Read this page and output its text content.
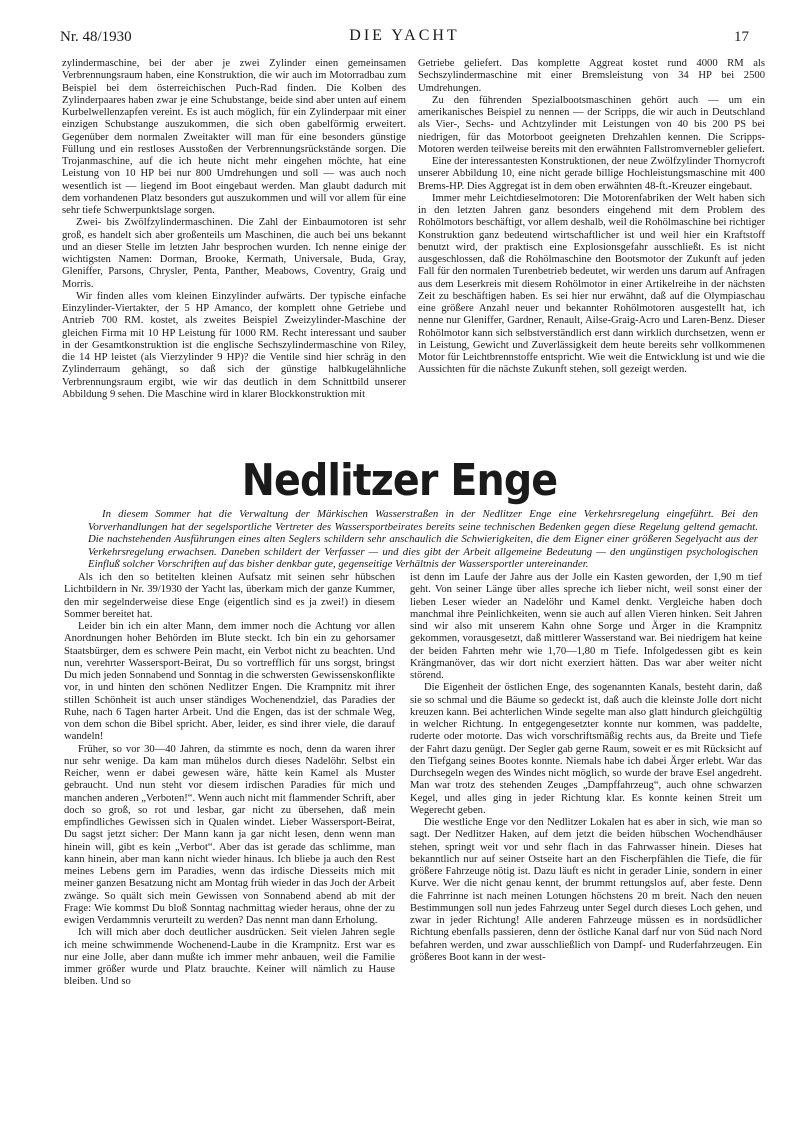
Nr. 48/1930	DIE YACHT	17

zylindermaschine, bei der aber je zwei Zylinder einen gemeinsamen Verbrennungsraum haben, eine Konstruktion, die wir auch im Motorradbau zum Beispiel bei dem österreichischen Puch-Rad finden. Die Kolben des Zylinderpaares haben zwar je eine Schubstange, beide sind aber unten auf einem Kurbelwellenzapfen vereint. Es ist auch möglich, für ein Zylinderpaar mit einer einzigen Schubstange auszukommen, die sich oben gabelförmig erweitert. Gegenüber dem normalen Zweitakter will man für eine besonders günstige Füllung und ein restloses Ausstoßen der Verbrennungsrückstände sorgen. Die Trojanmaschine, auf die ich heute nicht mehr eingehen möchte, hat eine Leistung von 10 HP bei nur 800 Umdrehungen und soll — was auch noch wesentlich ist — liegend im Boot eingebaut werden. Man glaubt dadurch mit dem vorhandenen Platz besonders gut auszukommen und will vor allem für eine sehr tiefe Schwerpunktslage sorgen.

Zwei- bis Zwölfzylindermaschinen. Die Zahl der Einbaumotoren ist sehr groß, es handelt sich aber großenteils um Maschinen, die auch bei uns bekannt und an dieser Stelle im letzten Jahr besprochen wurden. Ich nenne einige der wichtigsten Namen: Dorman, Brooke, Kermath, Universale, Buda, Gray, Gleniffer, Parsons, Chrysler, Penta, Panther, Meabows, Coventry, Graig und Morris.

Wir finden alles vom kleinen Einzylinder aufwärts. Der typische einfache Einzylinder-Viertakter, der 5 HP Amanco, der komplett ohne Getriebe und Antrieb 700 RM. kostet, als zweites Beispiel Zweizylinder-Maschine der gleichen Firma mit 10 HP Leistung für 1000 RM. Recht interessant und sauber in der Gesamtkonstruktion ist die englische Sechszylindermaschine von Riley, die 14 HP leistet (als Vierzylinder 9 HP)? die Ventile sind hier schräg in den Zylinderraum gehängt, so daß sich der günstige halbkugelähnliche Verbrennungsraum ergibt, wie wir das deutlich in dem Schnittbild unserer Abbildung 9 sehen. Die Maschine wird in klarer Blockkonstruktion mit

Getriebe geliefert. Das komplette Aggreat kostet rund 4000 RM als Sechszylindermaschine mit einer Bremsleistung von 34 HP bei 2500 Umdrehungen.

Zu den führenden Spezialbootsmaschinen gehört auch — um ein amerikanisches Beispiel zu nennen — der Scripps, die wir auch in Deutschland als Vier-, Sechs- und Achtzylinder mit Leistungen von 40 bis 200 PS bei niedrigen, für das Motorboot geeigneten Drehzahlen kennen. Die Scripps-Motoren werden teilweise bereits mit den erwähnten Fallstromvernebler geliefert.

Eine der interessantesten Konstruktionen, der neue Zwölfzylinder Thornycroft unserer Abbildung 10, eine nicht gerade billige Hochleistungsmaschine mit 400 Brems-HP. Dies Aggregat ist in dem oben erwähnten 48-ft.-Kreuzer eingebaut.

Immer mehr Leichtdieselmotoren: Die Motorenfabriken der Welt haben sich in den letzten Jahren ganz besonders eingehend mit dem Problem des Rohölmotors beschäftigt, vor allem deshalb, weil die Rohölmaschine bei richtiger Konstruktion ganz bedeutend wirtschaftlicher ist und weil hier ein Kraftstoff benutzt wird, der praktisch eine Explosionsgefahr ausschließt. Es ist nicht ausgeschlossen, daß die Rohölmaschine den Bootsmotor der Zukunft auf jeden Fall für den normalen Turenbetrieb bedeutet, wir werden uns darum auf Anfragen aus dem Leserkreis mit diesem Rohölmotor in einer Artikelreihe in der nächsten Zeit zu beschäftigen haben. Es sei hier nur erwähnt, daß auf die Olympiaschau eine größere Anzahl neuer und bekannter Rohölmotoren ausgestellt hat, ich nenne nur Gleniffer, Gardner, Renault, Ailse-Graig-Acro und Laren-Benz. Dieser Rohölmotor kann sich selbstverständlich erst dann wirklich durchsetzen, wenn er in Leistung, Gewicht und Zuverlässigkeit dem heute bereits sehr vollkommenen Motor für Leichtbrennstoffe entspricht. Wie weit die Entwicklung ist und wie die Aussichten für die nächste Zukunft stehen, soll gezeigt werden.

Nedlitzer Enge

In diesem Sommer hat die Verwaltung der Märkischen Wasserstraßen in der Nedlitzer Enge eine Verkehrsregelung eingeführt. Bei den Vorverhandlungen hat der segelsportliche Vertreter des Wassersportbeirates bereits seine technischen Bedenken gegen diese Regelung geltend gemacht. Die nachstehenden Ausführungen eines alten Seglers schildern sehr anschaulich die Schwierigkeiten, die dem Eigner einer größeren Segelyacht aus der Verkehrsregelung erwachsen. Daneben schildert der Verfasser — und dies gibt der Arbeit allgemeine Bedeutung — den ungünstigen psychologischen Einfluß solcher Vorschriften auf das bisher denkbar gute, gegenseitige Verhältnis der Wassersportler untereinander.

Als ich den so betitelten kleinen Aufsatz mit seinen sehr hübschen Lichtbildern in Nr. 39/1930 der Yacht las, überkam mich der ganze Kummer, den mir segelnderweise diese Enge (eigentlich sind es ja zwei!) in diesem Sommer bereitet hat.

Leider bin ich ein alter Mann, dem immer noch die Achtung vor allen Anordnungen hoher Behörden im Blute steckt. Ich bin ein zu gehorsamer Staatsbürger, dem es schwere Pein macht, ein Verbot nicht zu beachten. Und nun, verehrter Wassersport-Beirat, Du so vortrefflich für uns sorgst, bringst Du mich jeden Sonnabend und Sonntag in die schwersten Gewissenskonflikte vor, in und hinten den schönen Nedlitzer Engen. Die Krampnitz mit ihrer stillen Schönheit ist auch unser ständiges Wochenendziel, das Paradies der Ruhe, nach 6 Tagen harter Arbeit. Und die Engen, das ist der schmale Weg, von dem schon die Bibel spricht. Aber, leider, es sind ihrer viele, die darauf wandeln!

Früher, so vor 30—40 Jahren, da stimmte es noch, denn da waren ihrer nur sehr wenige. Da kam man mühelos durch dieses Nadelöhr. Selbst ein Reicher, wenn er dabei gewesen wäre, hätte kein Kamel als Muster gebraucht. Und nun steht vor diesem irdischen Paradies für mich und manchen anderen „Verboten!“. Wenn auch nicht mit flammender Schrift, aber doch so groß, so rot und lesbar, gar nicht zu übersehen, daß mein empfindliches Gewissen sich in Qualen windet. Lieber Wassersport-Beirat, Du sagst jetzt sicher: Der Mann kann ja gar nicht lesen, denn wenn man hinein will, gibt es kein „Verbot“. Aber das ist gerade das schlimme, man kann hinein, aber man kann nicht wieder hinaus. Ich bliebe ja auch den Rest meines Lebens gern im Paradies, wenn das irdische Diesseits mich mit meiner ganzen Besatzung nicht am Montag früh wieder in das Joch der Arbeit zwänge. So quält sich mein Gewissen von Sonnabend abend ab mit der Frage: Wie kommst Du bloß Sonntag nachmittag wieder heraus, ohne der zu ewigen Verdammnis verurteilt zu werden? Das nennt man dann Erholung.

Ich will mich aber doch deutlicher ausdrücken. Seit vielen Jahren segle ich meine schwimmende Wochenend-Laube in die Krampnitz. Erst war es nur eine Jolle, aber dann mußte ich immer mehr anbauen, weil die Familie immer größer wurde und Platz brauchte. Keiner will nämlich zu Hause bleiben. Und so

ist denn im Laufe der Jahre aus der Jolle ein Kasten geworden, der 1,90 m tief geht. Von seiner Länge über alles spreche ich lieber nicht, weil sonst einer der lieben Leser wieder an Nadelöhr und Kamel denkt. Vergleiche haben doch manchmal ihre Peinlichkeiten, wenn sie auch auf allen Vieren hinken. Seit Jahren sind wir also mit unserem Kahn ohne Sorge und Ärger in die Krampnitz gekommen, vorausgesetzt, daß mittlerer Wasserstand war. Bei niedrigem hat keine der beiden Fahrten mehr wie 1,70—1,80 m Tiefe. Infolgedessen gibt es kein Krängmanöver, das wir dort nicht exerziert hätten. Das war aber weiter nicht störend.

Die Eigenheit der östlichen Enge, des sogenannten Kanals, besteht darin, daß sie so schmal und die Bäume so gedeckt ist, daß auch die kleinste Jolle dort nicht kreuzen kann. Bei achterlichen Winde segelte man also glatt hindurch gleichgültig in welcher Richtung. In entgegengesetzter konnte nur kommen, was paddelte, ruderte oder motorte. Das wich vorschriftsmäßig rechts aus, da Breite und Tiefe der Fahrt dazu genügt. Der Segler gab gerne Raum, soweit er es mit Rücksicht auf den Tiefgang seines Bootes konnte. Niemals habe ich dabei Ärger erlebt. War das Durchsegeln wegen des Windes nicht möglich, so wurde der brave Esel angedreht. Man war trotz des stehenden Zeuges „Dampffahrzeug“, auch ohne schwarzen Kegel, und alles ging in jeder Richtung klar. Es konnte keinen Streit um Wegerecht geben.

Die westliche Enge vor den Nedlitzer Lokalen hat es aber in sich, wie man so sagt. Der Nedlitzer Haken, auf dem jetzt die beiden hübschen Wochendhäuser stehen, springt weit vor und sehr flach in das Fahrwasser hinein. Dieses hat bekanntlich nur auf seiner Ostseite hart an den Fischerpfählen die Tiefe, die für größere Fahrzeuge nötig ist. Dazu läuft es nicht in gerader Linie, sondern in einer Kurve. Wer die nicht genau kennt, der brummt rettungslos auf, aber feste. Denn die Fahrrinne ist nach meinen Lotungen höchstens 20 m breit. Nach den neuen Bestimmungen soll nun jedes Fahrzeug unter Segel durch dieses Loch gehen, und zwar in jeder Richtung! Alle anderen Fahrzeuge müssen es in nordsüdlicher Richtung ebenfalls passieren, denn der östliche Kanal darf nur von Süd nach Nord befahren werden, und zwar ausschließlich von Dampf- und Ruderfahrzeugen. Ein größeres Boot kann in der west-
